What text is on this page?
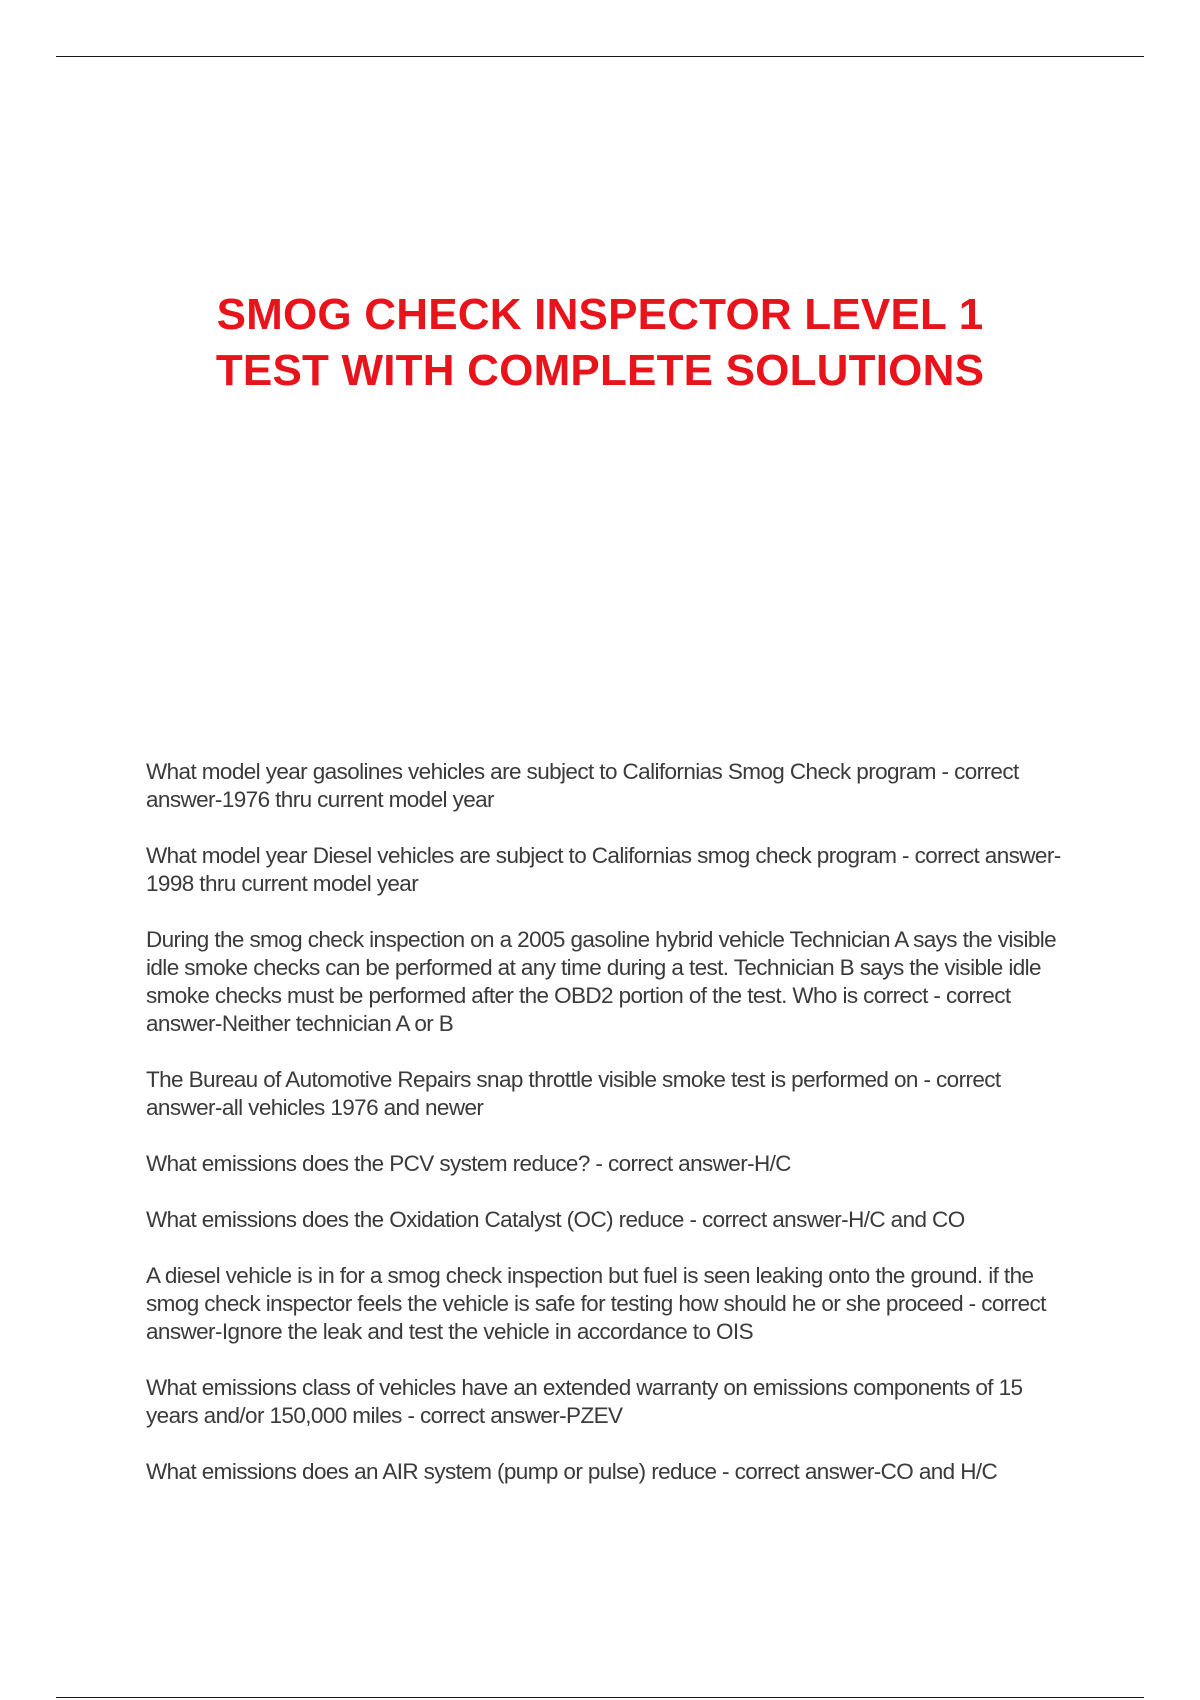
SMOG CHECK INSPECTOR LEVEL 1
TEST WITH COMPLETE SOLUTIONS

What model year gasolines vehicles are subject to Californias Smog Check program - correct answer-1976 thru current model year

What model year Diesel vehicles are subject to Californias smog check program - correct answer-1998 thru current model year

During the smog check inspection on a 2005 gasoline hybrid vehicle Technician A says the visible idle smoke checks can be performed at any time during a test. Technician B says the visible idle smoke checks must be performed after the OBD2 portion of the test. Who is correct - correct answer-Neither technician A or B

The Bureau of Automotive Repairs snap throttle visible smoke test is performed on - correct answer-all vehicles 1976 and newer

What emissions does the PCV system reduce? - correct answer-H/C

What emissions does the Oxidation Catalyst (OC) reduce - correct answer-H/C and CO

A diesel vehicle is in for a smog check inspection but fuel is seen leaking onto the ground. if the smog check inspector feels the vehicle is safe for testing how should he or she proceed - correct answer-Ignore the leak and test the vehicle in accordance to OIS

What emissions class of vehicles have an extended warranty on emissions components of 15 years and/or 150,000 miles - correct answer-PZEV

What emissions does an AIR system (pump or pulse) reduce - correct answer-CO and H/C
